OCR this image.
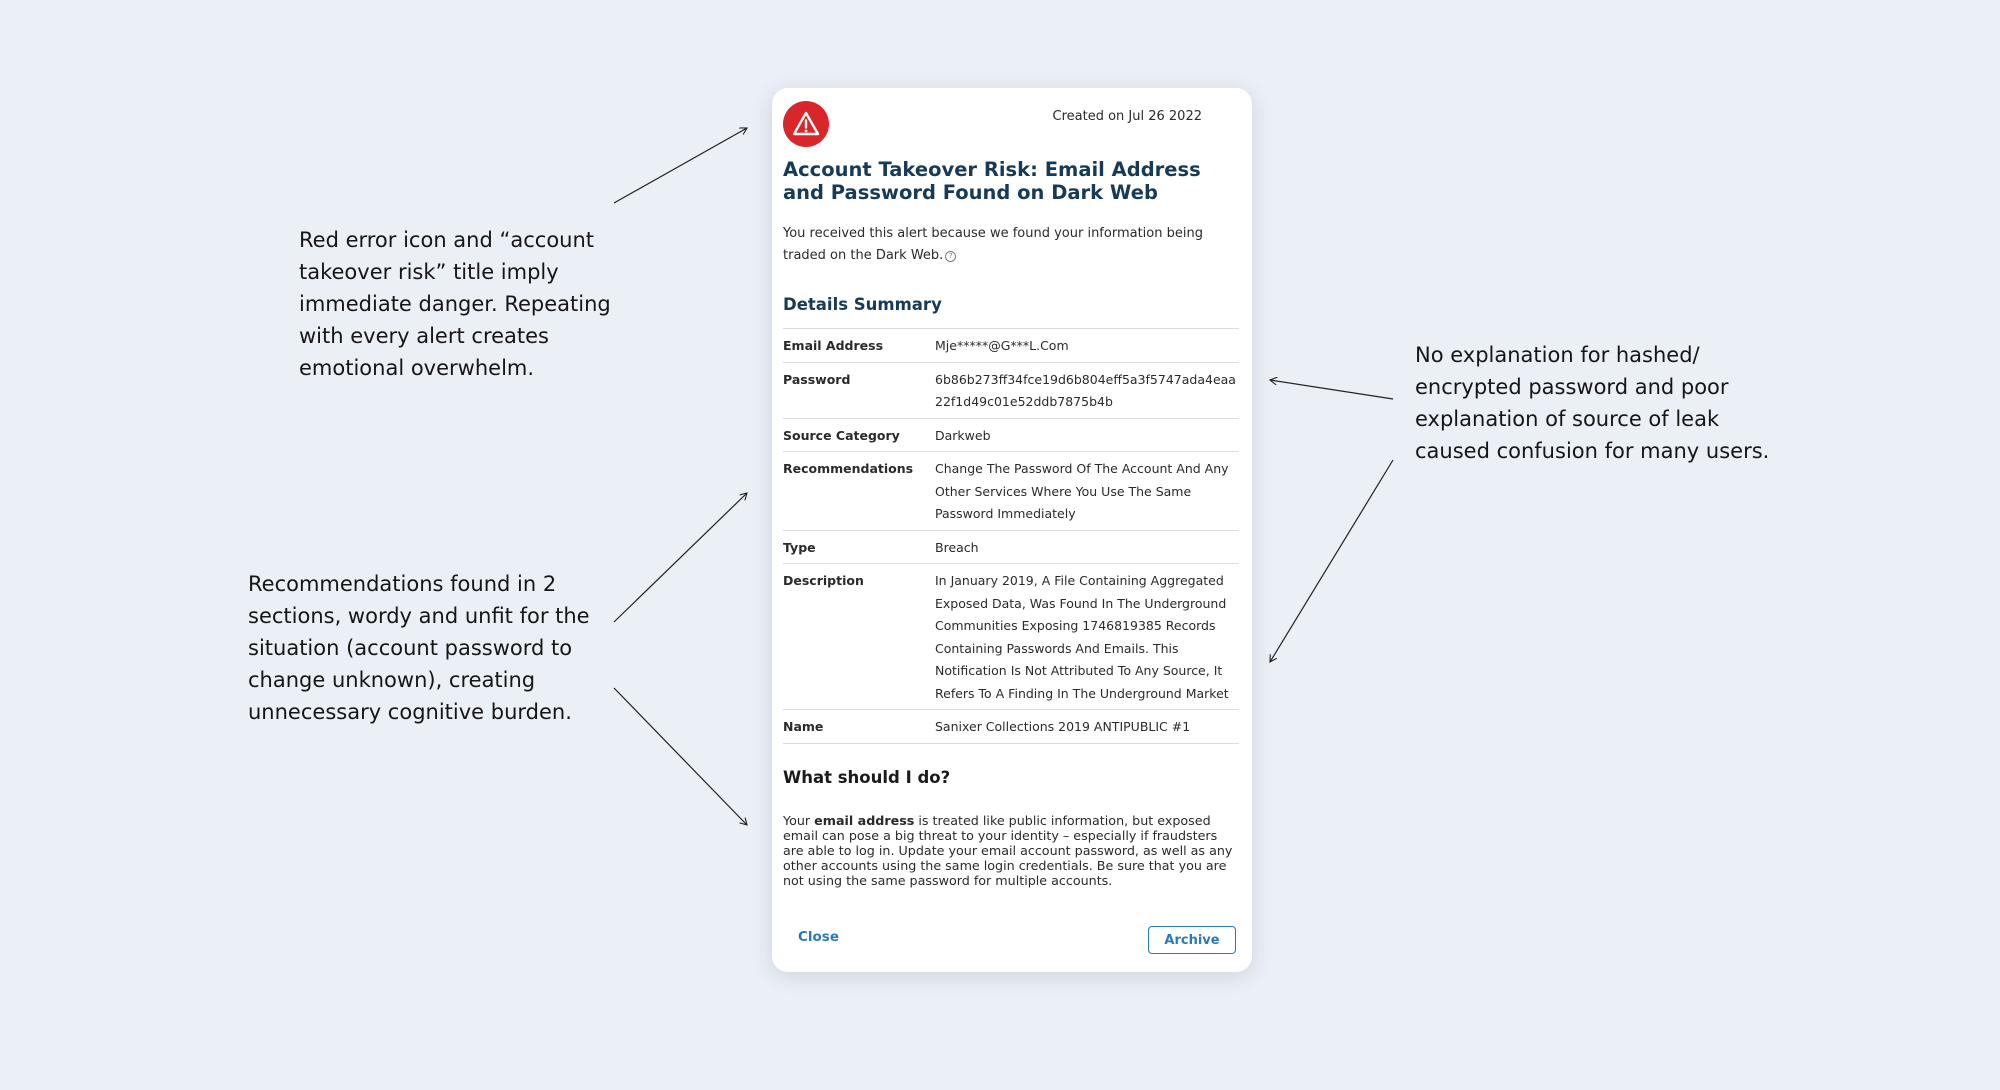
Red error icon and “account takeover risk” title imply immediate danger. Repeating with every alert creates emotional overwhelm.
Recommendations found in 2 sections, wordy and unfit for the situation (account password to change unknown), creating unnecessary cognitive burden.
No explanation for hashed/ encrypted password and poor explanation of source of leak caused confusion for many users.
Created on Jul 26 2022
Account Takeover Risk: Email Address and Password Found on Dark Web

You received this alert because we found your information being traded on the Dark Web. ?

Details Summary
Email Address	Mje*****@G***L.Com
Password	6b86b273ff34fce19d6b804eff5a3f5747ada4eaa22f1d49c01e52ddb7875b4b
Source Category	Darkweb
Recommendations	Change The Password Of The Account And Any Other Services Where You Use The Same Password Immediately
Type	Breach
Description	In January 2019, A File Containing Aggregated Exposed Data, Was Found In The Underground Communities Exposing 1746819385 Records Containing Passwords And Emails. This Notification Is Not Attributed To Any Source, It Refers To A Finding In The Underground Market
Name	Sanixer Collections 2019 ANTIPUBLIC #1
What should I do?

Your email address is treated like public information, but exposed email can pose a big threat to your identity – especially if fraudsters are able to log in. Update your email account password, as well as any other accounts using the same login credentials. Be sure that you are not using the same password for multiple accounts.

Close	Archive
